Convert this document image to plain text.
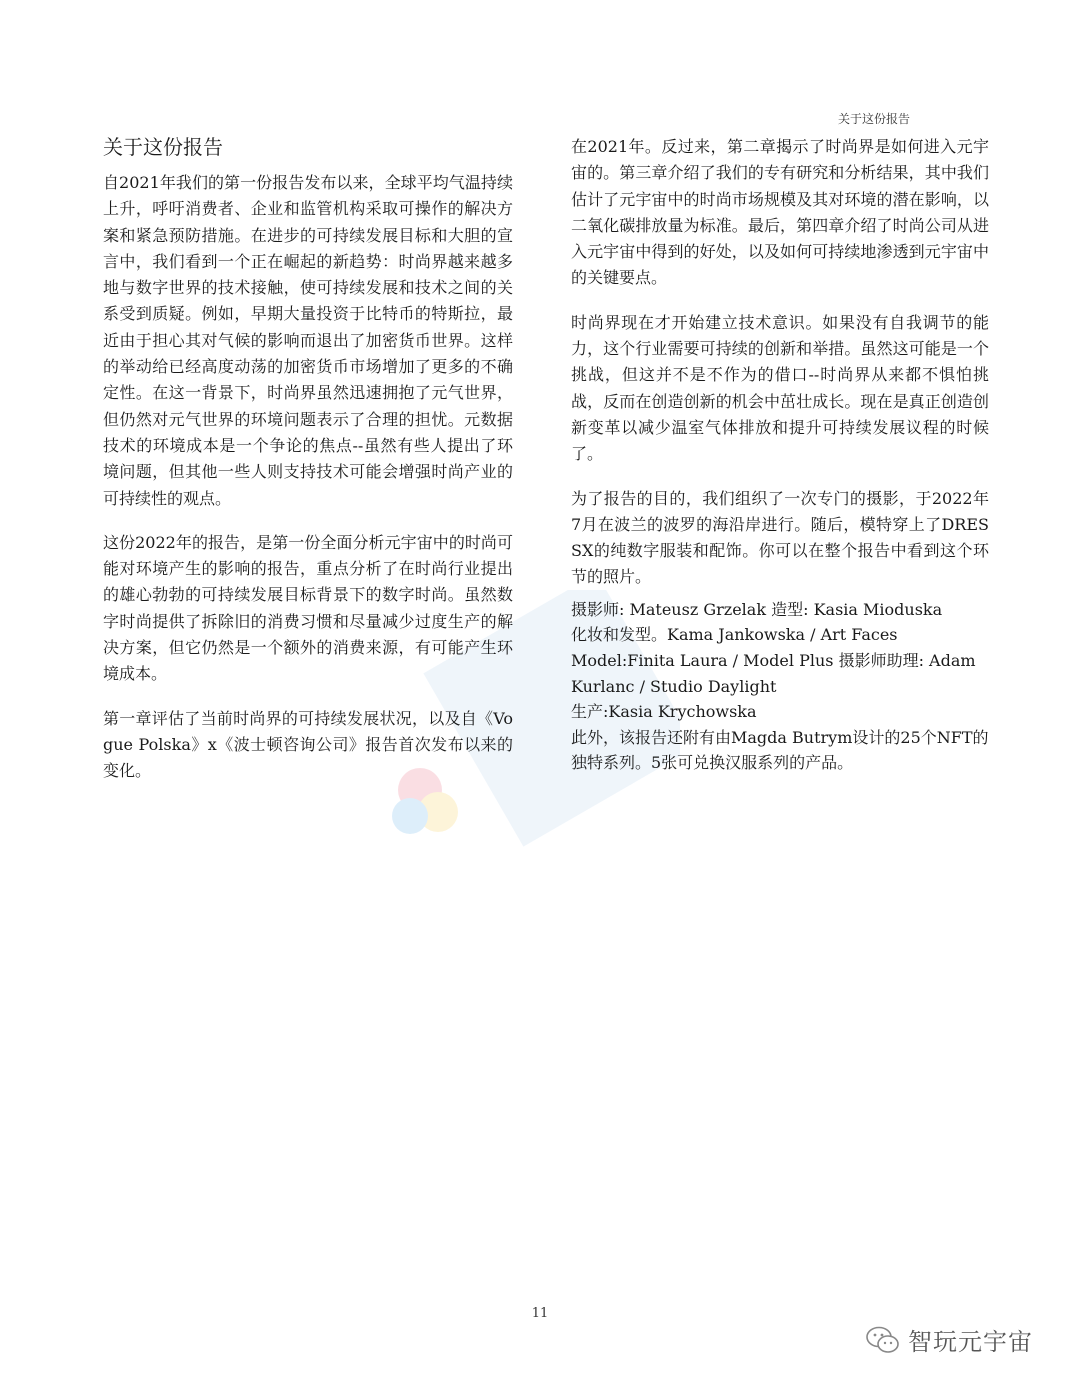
关于这份报告
关于这份报告

自2021年我们的第一份报告发布以来，全球平均气温持续上升，呼吁消费者、企业和监管机构采取可操作的解决方案和紧急预防措施。在进步的可持续发展目标和大胆的宣言中，我们看到一个正在崛起的新趋势：时尚界越来越多地与数字世界的技术接触，使可持续发展和技术之间的关系受到质疑。例如，早期大量投资于比特币的特斯拉，最近由于担心其对气候的影响而退出了加密货币世界。这样的举动给已经高度动荡的加密货币市场增加了更多的不确定性。在这一背景下，时尚界虽然迅速拥抱了元气世界，但仍然对元气世界的环境问题表示了合理的担忧。元数据技术的环境成本是一个争论的焦点--虽然有些人提出了环境问题，但其他一些人则支持技术可能会增强时尚产业的可持续性的观点。

这份2022年的报告，是第一份全面分析元宇宙中的时尚可能对环境产生的影响的报告，重点分析了在时尚行业提出的雄心勃勃的可持续发展目标背景下的数字时尚。虽然数字时尚提供了拆除旧的消费习惯和尽量减少过度生产的解决方案，但它仍然是一个额外的消费来源，有可能产生环境成本。

第一章评估了当前时尚界的可持续发展状况，以及自《Vogue Polska》x《波士顿咨询公司》报告首次发布以来的变化。

在2021年。反过来，第二章揭示了时尚界是如何进入元宇宙的。第三章介绍了我们的专有研究和分析结果，其中我们估计了元宇宙中的时尚市场规模及其对环境的潜在影响，以二氧化碳排放量为标准。最后，第四章介绍了时尚公司从进入元宇宙中得到的好处，以及如何可持续地渗透到元宇宙中的关键要点。

时尚界现在才开始建立技术意识。如果没有自我调节的能力，这个行业需要可持续的创新和举措。虽然这可能是一个挑战，但这并不是不作为的借口--时尚界从来都不惧怕挑战，反而在创造创新的机会中茁壮成长。现在是真正创造创新变革以减少温室气体排放和提升可持续发展议程的时候了。

为了报告的目的，我们组织了一次专门的摄影，于2022年7月在波兰的波罗的海沿岸进行。随后，模特穿上了DRESSX的纯数字服装和配饰。你可以在整个报告中看到这个环节的照片。

摄影师: Mateusz Grzelak 造型: Kasia Mioduska
化妆和发型。Kama Jankowska / Art Faces
Model:Finita Laura / Model Plus 摄影师助理: Adam Kurlanc / Studio Daylight
生产:Kasia Krychowska
此外，该报告还附有由Magda Butrym设计的25个NFT的独特系列。5张可兑换汉服系列的产品。
11
智玩元宇宙
